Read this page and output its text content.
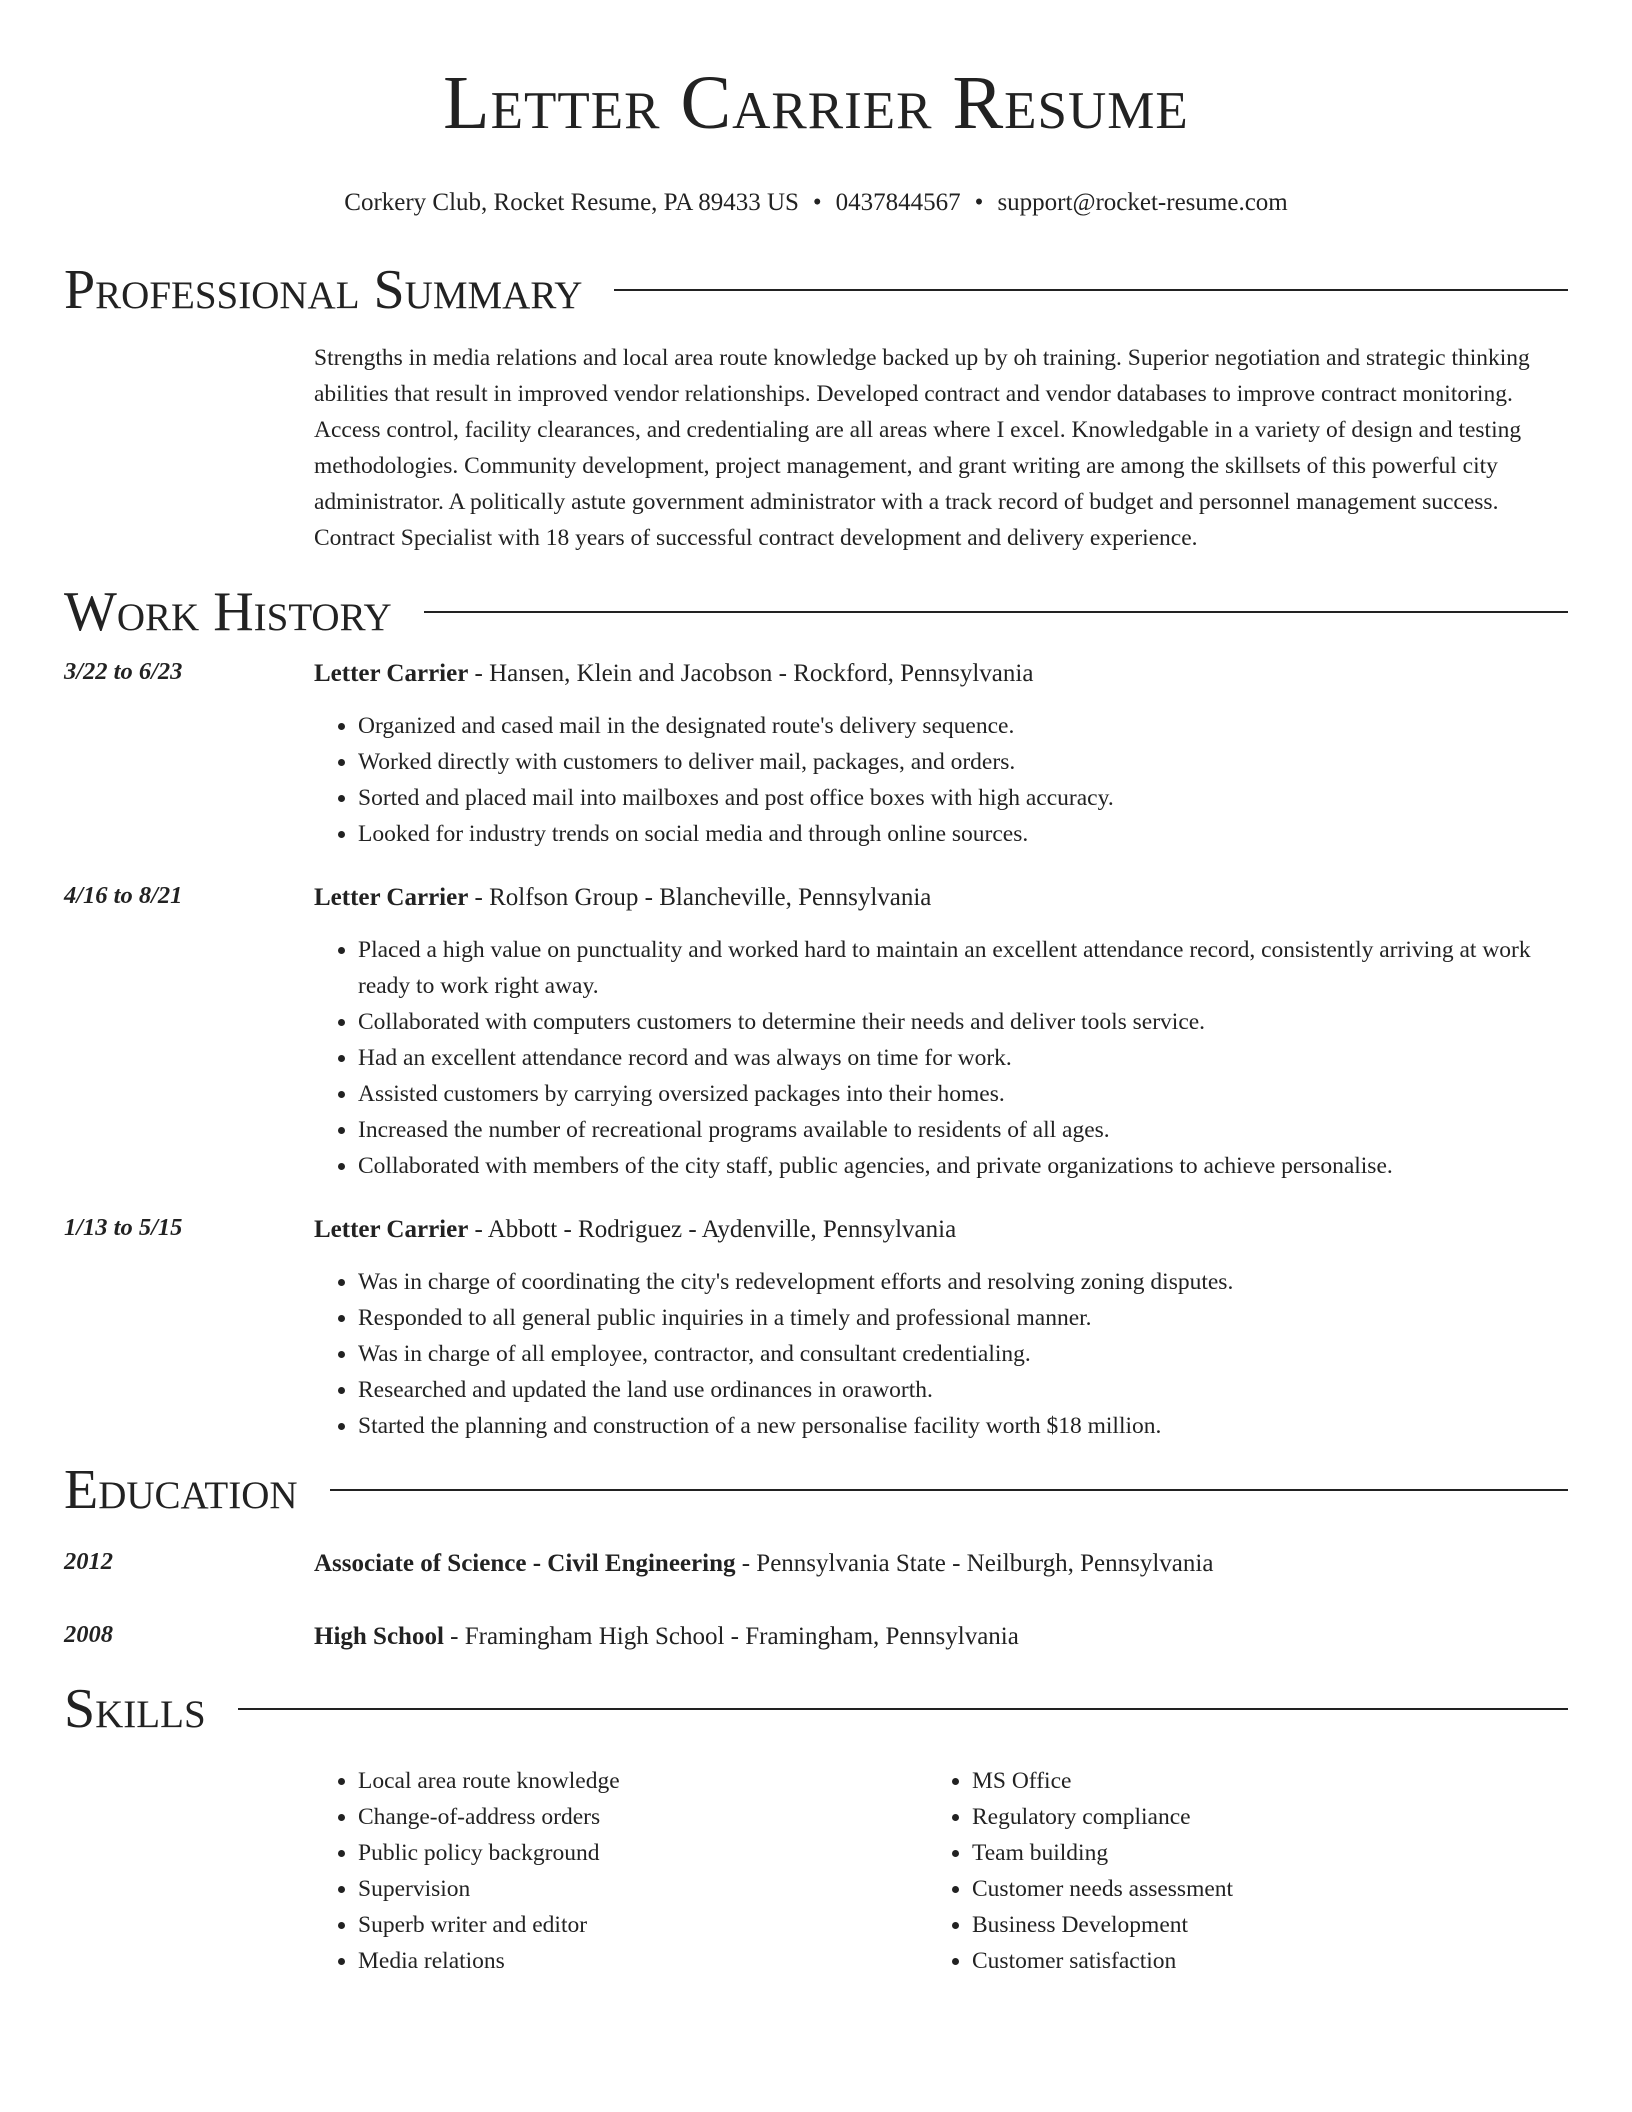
Letter Carrier Resume
Corkery Club, Rocket Resume, PA 89433 US • 0437844567 • support@rocket-resume.com
Professional Summary
Strengths in media relations and local area route knowledge backed up by oh training. Superior negotiation and strategic thinking abilities that result in improved vendor relationships. Developed contract and vendor databases to improve contract monitoring. Access control, facility clearances, and credentialing are all areas where I excel. Knowledgable in a variety of design and testing methodologies. Community development, project management, and grant writing are among the skillsets of this powerful city administrator. A politically astute government administrator with a track record of budget and personnel management success. Contract Specialist with 18 years of successful contract development and delivery experience.
Work History
3/22 to 6/23	Letter Carrier - Hansen, Klein and Jacobson - Rockford, Pennsylvania
• Organized and cased mail in the designated route's delivery sequence.
• Worked directly with customers to deliver mail, packages, and orders.
• Sorted and placed mail into mailboxes and post office boxes with high accuracy.
• Looked for industry trends on social media and through online sources.
4/16 to 8/21	Letter Carrier - Rolfson Group - Blancheville, Pennsylvania
• Placed a high value on punctuality and worked hard to maintain an excellent attendance record, consistently arriving at work ready to work right away.
• Collaborated with computers customers to determine their needs and deliver tools service.
• Had an excellent attendance record and was always on time for work.
• Assisted customers by carrying oversized packages into their homes.
• Increased the number of recreational programs available to residents of all ages.
• Collaborated with members of the city staff, public agencies, and private organizations to achieve personalise.
1/13 to 5/15	Letter Carrier - Abbott - Rodriguez - Aydenville, Pennsylvania
• Was in charge of coordinating the city's redevelopment efforts and resolving zoning disputes.
• Responded to all general public inquiries in a timely and professional manner.
• Was in charge of all employee, contractor, and consultant credentialing.
• Researched and updated the land use ordinances in oraworth.
• Started the planning and construction of a new personalise facility worth $18 million.
Education
2012	Associate of Science - Civil Engineering - Pennsylvania State - Neilburgh, Pennsylvania
2008	High School - Framingham High School - Framingham, Pennsylvania
Skills
• Local area route knowledge
• Change-of-address orders
• Public policy background
• Supervision
• Superb writer and editor
• Media relations
• MS Office
• Regulatory compliance
• Team building
• Customer needs assessment
• Business Development
• Customer satisfaction
